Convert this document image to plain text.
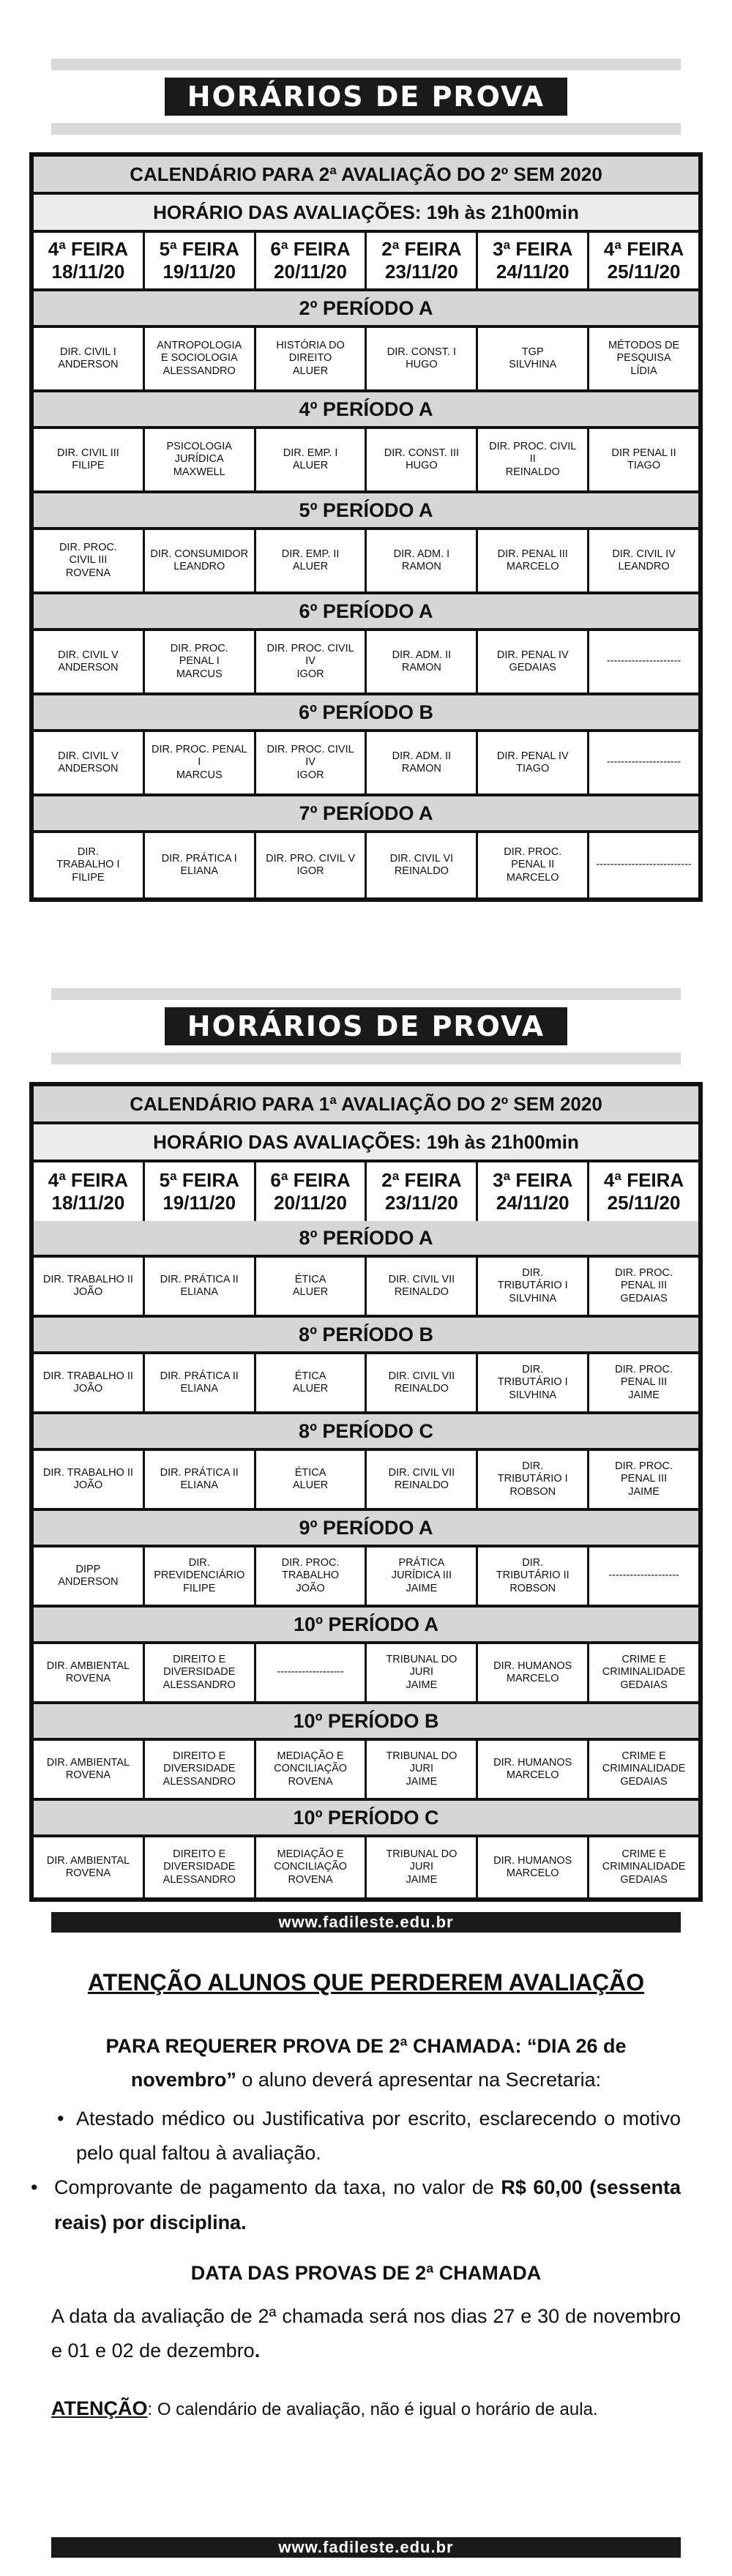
HORÁRIOS DE PROVA
CALENDÁRIO PARA 2ª AVALIAÇÃO DO 2º SEM 2020
HORÁRIO DAS AVALIAÇÕES: 19h às 21h00min
4ª FEIRA
18/11/20
5ª FEIRA
19/11/20
6ª FEIRA
20/11/20
2ª FEIRA
23/11/20
3ª FEIRA
24/11/20
4ª FEIRA
25/11/20
2º PERÍODO A
DIR. CIVIL I
ANDERSON
ANTROPOLOGIA
E SOCIOLOGIA
ALESSANDRO
HISTÓRIA DO
DIREITO
ALUER
DIR. CONST. I
HUGO
TGP
SILVHINA
MÉTODOS DE
PESQUISA
LÍDIA
4º PERÍODO A
DIR. CIVIL III
FILIPE
PSICOLOGIA
JURÍDICA
MAXWELL
DIR. EMP. I
ALUER
DIR. CONST. III
HUGO
DIR. PROC. CIVIL
II
REINALDO
DIR PENAL II
TIAGO
5º PERÍODO A
DIR. PROC.
CIVIL III
ROVENA
DIR. CONSUMIDOR
LEANDRO
DIR. EMP. II
ALUER
DIR. ADM. I
RAMON
DIR. PENAL III
MARCELO
DIR. CIVIL IV
LEANDRO
6º PERÍODO A
DIR. CIVIL V
ANDERSON
DIR. PROC.
PENAL I
MARCUS
DIR. PROC. CIVIL
IV
IGOR
DIR. ADM. II
RAMON
DIR. PENAL IV
GEDAIAS
---------------------
6º PERÍODO B
DIR. CIVIL V
ANDERSON
DIR. PROC. PENAL
I
MARCUS
DIR. PROC. CIVIL
IV
IGOR
DIR. ADM. II
RAMON
DIR. PENAL IV
TIAGO
---------------------
7º PERÍODO A
DIR.
TRABALHO I
FILIPE
DIR. PRÁTICA I
ELIANA
DIR. PRO. CIVIL V
IGOR
DIR. CIVIL VI
REINALDO
DIR. PROC.
PENAL II
MARCELO
---------------------------
HORÁRIOS DE PROVA
CALENDÁRIO PARA 1ª AVALIAÇÃO DO 2º SEM 2020
HORÁRIO DAS AVALIAÇÕES: 19h às 21h00min
4ª FEIRA
18/11/20
5ª FEIRA
19/11/20
6ª FEIRA
20/11/20
2ª FEIRA
23/11/20
3ª FEIRA
24/11/20
4ª FEIRA
25/11/20
8º PERÍODO A
DIR. TRABALHO II
JOÃO
DIR. PRÁTICA II
ELIANA
ÉTICA
ALUER
DIR. CIVIL VII
REINALDO
DIR.
TRIBUTÁRIO I
SILVHINA
DIR. PROC.
PENAL III
GEDAIAS
8º PERÍODO B
DIR. TRABALHO II
JOÃO
DIR. PRÁTICA II
ELIANA
ÉTICA
ALUER
DIR. CIVIL VII
REINALDO
DIR.
TRIBUTÁRIO I
SILVHINA
DIR. PROC.
PENAL III
JAIME
8º PERÍODO C
DIR. TRABALHO II
JOÃO
DIR. PRÁTICA II
ELIANA
ÉTICA
ALUER
DIR. CIVIL VII
REINALDO
DIR.
TRIBUTÁRIO I
ROBSON
DIR. PROC.
PENAL III
JAIME
9º PERÍODO A
DIPP
ANDERSON
DIR.
PREVIDENCIÁRIO
FILIPE
DIR. PROC.
TRABALHO
JOÃO
PRÁTICA
JURÍDICA III
JAIME
DIR.
TRIBUTÁRIO II
ROBSON
--------------------
10º PERÍODO A
DIR. AMBIENTAL
ROVENA
DIREITO E
DIVERSIDADE
ALESSANDRO
-------------------
TRIBUNAL DO
JURI
JAIME
DIR. HUMANOS
MARCELO
CRIME E
CRIMINALIDADE
GEDAIAS
10º PERÍODO B
DIR. AMBIENTAL
ROVENA
DIREITO E
DIVERSIDADE
ALESSANDRO
MEDIAÇÃO E
CONCILIAÇÃO
ROVENA
TRIBUNAL DO
JURI
JAIME
DIR. HUMANOS
MARCELO
CRIME E
CRIMINALIDADE
GEDAIAS
10º PERÍODO C
DIR. AMBIENTAL
ROVENA
DIREITO E
DIVERSIDADE
ALESSANDRO
MEDIAÇÃO E
CONCILIAÇÃO
ROVENA
TRIBUNAL DO
JURI
JAIME
DIR. HUMANOS
MARCELO
CRIME E
CRIMINALIDADE
GEDAIAS
www.fadileste.edu.br
ATENÇÃO ALUNOS QUE PERDEREM AVALIAÇÃO

PARA REQUERER PROVA DE 2ª CHAMADA: “DIA 26 de novembro” o aluno deverá apresentar na Secretaria:

• Atestado médico ou Justificativa por escrito, esclarecendo o motivo pelo qual faltou à avaliação.
• Comprovante de pagamento da taxa, no valor de R$ 60,00 (sessenta reais) por disciplina.

DATA DAS PROVAS DE 2ª CHAMADA

A data da avaliação de 2ª chamada será nos dias 27 e 30 de novembro e 01 e 02 de dezembro.

ATENÇÃO: O calendário de avaliação, não é igual o horário de aula.

www.fadileste.edu.br
